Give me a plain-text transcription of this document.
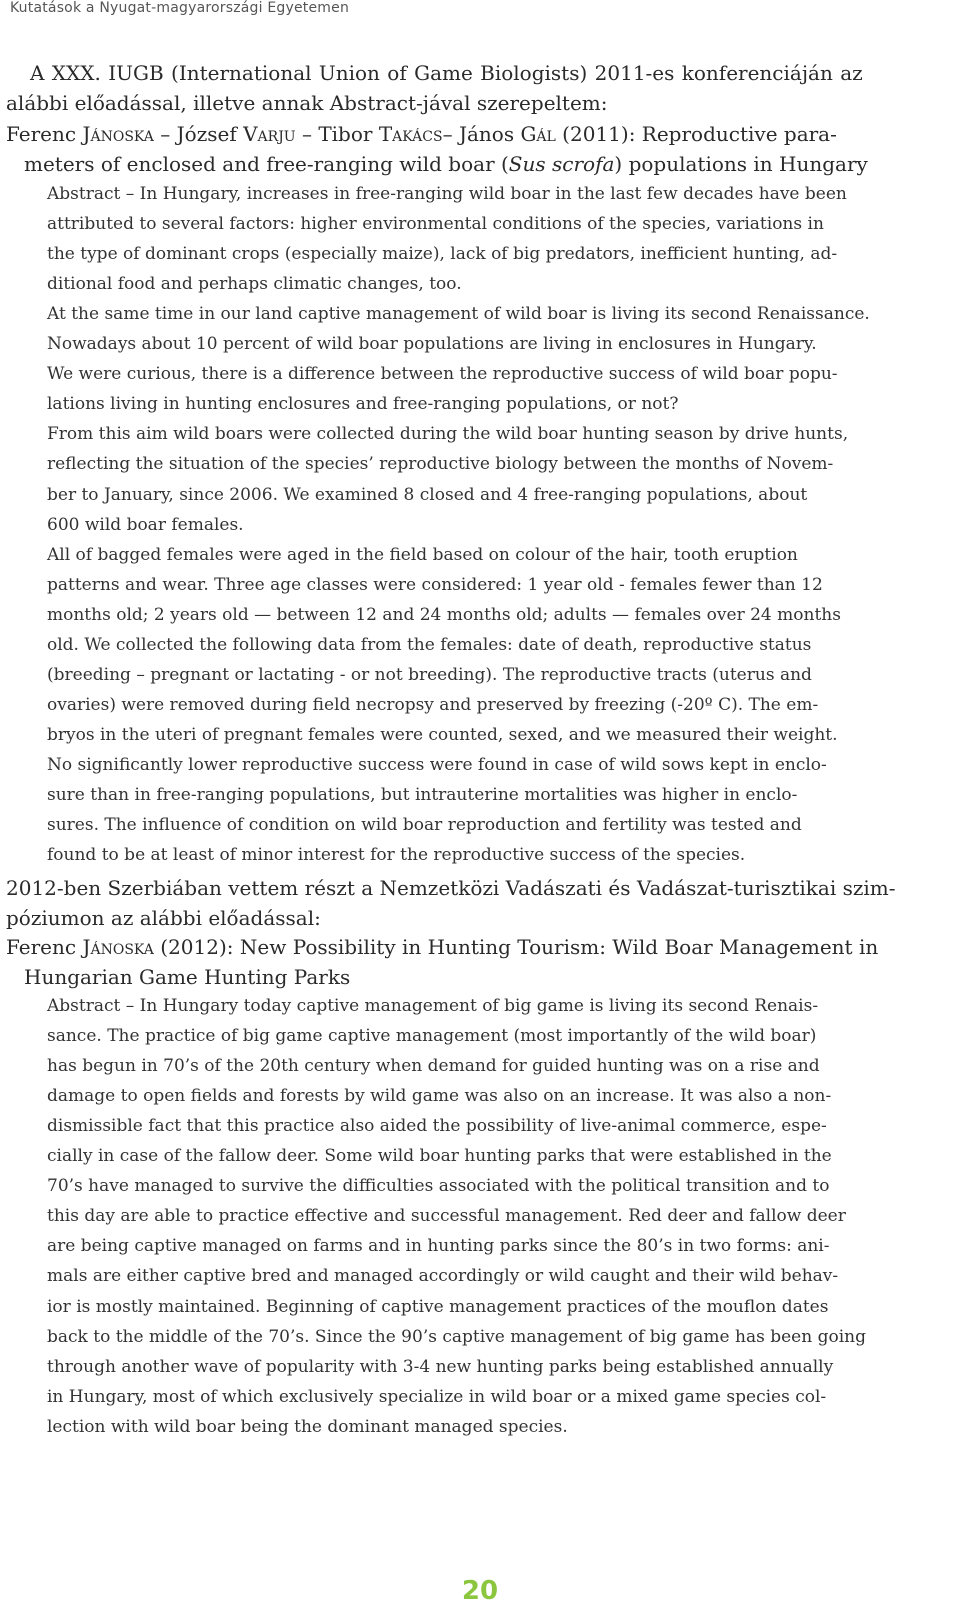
Kutatások a Nyugat-magyarországi Egyetemen
A XXX. IUGB (International Union of Game Biologists) 2011-es konferenciáján az
alábbi előadással, illetve annak Abstract-jával szerepeltem:
Ferenc Jánoska – József Varju – Tibor Takács– János Gál (2011): Reproductive para-
meters of enclosed and free-ranging wild boar (Sus scrofa) populations in Hungary
Abstract – In Hungary, increases in free-ranging wild boar in the last few decades have been
attributed to several factors: higher environmental conditions of the species, variations in
the type of dominant crops (especially maize), lack of big predators, inefficient hunting, ad-
ditional food and perhaps climatic changes, too.
At the same time in our land captive management of wild boar is living its second Renaissance.
Nowadays about 10 percent of wild boar populations are living in enclosures in Hungary.
We were curious, there is a difference between the reproductive success of wild boar popu-
lations living in hunting enclosures and free-ranging populations, or not?
From this aim wild boars were collected during the wild boar hunting season by drive hunts,
reflecting the situation of the species’ reproductive biology between the months of Novem-
ber to January, since 2006. We examined 8 closed and 4 free-ranging populations, about
600 wild boar females.
All of bagged females were aged in the field based on colour of the hair, tooth eruption
patterns and wear. Three age classes were considered: 1 year old - females fewer than 12
months old; 2 years old — between 12 and 24 months old; adults — females over 24 months
old. We collected the following data from the females: date of death, reproductive status
(breeding – pregnant or lactating - or not breeding). The reproductive tracts (uterus and
ovaries) were removed during field necropsy and preserved by freezing (-20º C). The em-
bryos in the uteri of pregnant females were counted, sexed, and we measured their weight.
No significantly lower reproductive success were found in case of wild sows kept in enclo-
sure than in free-ranging populations, but intrauterine mortalities was higher in enclo-
sures. The influence of condition on wild boar reproduction and fertility was tested and
found to be at least of minor interest for the reproductive success of the species.
2012-ben Szerbiában vettem részt a Nemzetközi Vadászati és Vadászat-turisztikai szim-
póziumon az alábbi előadással:
Ferenc Jánoska (2012): New Possibility in Hunting Tourism: Wild Boar Management in
Hungarian Game Hunting Parks
Abstract – In Hungary today captive management of big game is living its second Renais-
sance. The practice of big game captive management (most importantly of the wild boar)
has begun in 70’s of the 20th century when demand for guided hunting was on a rise and
damage to open fields and forests by wild game was also on an increase. It was also a non-
dismissible fact that this practice also aided the possibility of live-animal commerce, espe-
cially in case of the fallow deer. Some wild boar hunting parks that were established in the
70’s have managed to survive the difficulties associated with the political transition and to
this day are able to practice effective and successful management. Red deer and fallow deer
are being captive managed on farms and in hunting parks since the 80’s in two forms: ani-
mals are either captive bred and managed accordingly or wild caught and their wild behav-
ior is mostly maintained. Beginning of captive management practices of the mouflon dates
back to the middle of the 70’s. Since the 90’s captive management of big game has been going
through another wave of popularity with 3-4 new hunting parks being established annually
in Hungary, most of which exclusively specialize in wild boar or a mixed game species col-
lection with wild boar being the dominant managed species.
20
